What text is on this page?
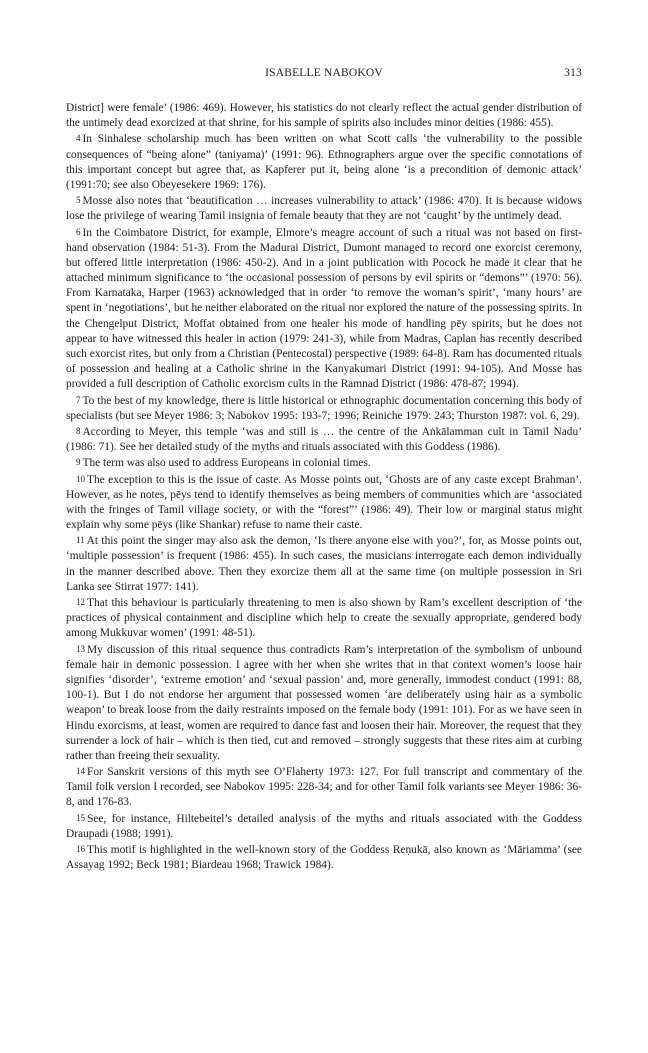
ISABELLE NABOKOV	313

District] were female’ (1986: 469). However, his statistics do not clearly reflect the actual gender distribution of the untimely dead exorcized at that shrine, for his sample of spirits also includes minor deities (1986: 455).

4 In Sinhalese scholarship much has been written on what Scott calls ‘the vulnerability to the possible consequences of “being alone” (taniyama)’ (1991: 96). Ethnographers argue over the specific connotations of this important concept but agree that, as Kapferer put it, being alone ‘is a precondition of demonic attack’ (1991:70; see also Obeyesekere 1969: 176).

5 Mosse also notes that ‘beautification … increases vulnerability to attack’ (1986: 470). It is because widows lose the privilege of wearing Tamil insignia of female beauty that they are not ‘caught’ by the untimely dead.

6 In the Coimbatore District, for example, Elmore’s meagre account of such a ritual was not based on first-hand observation (1984: 51-3). From the Madurai District, Dumont managed to record one exorcist ceremony, but offered little interpretation (1986: 450-2). And in a joint publication with Pocock he made it clear that he attached minimum significance to ‘the occasional possession of persons by evil spirits or “demons”’ (1970: 56). From Karnataka, Harper (1963) acknowledged that in order ‘to remove the woman’s spirit’, ‘many hours’ are spent in ‘negotiations’, but he neither elaborated on the ritual nor explored the nature of the possessing spirits. In the Chengelput District, Moffat obtained from one healer his mode of handling pēy spirits, but he does not appear to have witnessed this healer in action (1979: 241-3), while from Madras, Caplan has recently described such exorcist rites, but only from a Christian (Pentecostal) perspective (1989: 64-8). Ram has documented rituals of possession and healing at a Catholic shrine in the Kanyakumari District (1991: 94-105). And Mosse has provided a full description of Catholic exorcism cults in the Ramnad District (1986: 478-87; 1994).

7 To the best of my knowledge, there is little historical or ethnographic documentation concerning this body of specialists (but see Meyer 1986: 3; Nabokov 1995: 193-7; 1996; Reiniche 1979: 243; Thurston 1987: vol. 6, 29).

8 According to Meyer, this temple ‘was and still is … the centre of the Aṅkālamman cult in Tamil Nadu’ (1986: 71). See her detailed study of the myths and rituals associated with this Goddess (1986).

9 The term was also used to address Europeans in colonial times.

10 The exception to this is the issue of caste. As Mosse points out, ‘Ghosts are of any caste except Brahman’. However, as he notes, pēys tend to identify themselves as being members of communities which are ‘associated with the fringes of Tamil village society, or with the “forest”’ (1986: 49). Their low or marginal status might explain why some pēys (like Shankar) refuse to name their caste.

11 At this point the singer may also ask the demon, ‘Is there anyone else with you?’, for, as Mosse points out, ‘multiple possession’ is frequent (1986: 455). In such cases, the musicians interrogate each demon individually in the manner described above. Then they exorcize them all at the same time (on multiple possession in Sri Lanka see Stirrat 1977: 141).

12 That this behaviour is particularly threatening to men is also shown by Ram’s excellent description of ‘the practices of physical containment and discipline which help to create the sexually appropriate, gendered body among Mukkuvar women’ (1991: 48-51).

13 My discussion of this ritual sequence thus contradicts Ram’s interpretation of the symbolism of unbound female hair in demonic possession. I agree with her when she writes that in that context women’s loose hair signifies ‘disorder’, ‘extreme emotion’ and ‘sexual passion’ and, more generally, immodest conduct (1991: 88, 100-1). But I do not endorse her argument that possessed women ‘are deliberately using hair as a symbolic weapon’ to break loose from the daily restraints imposed on the female body (1991: 101). For as we have seen in Hindu exorcisms, at least, women are required to dance fast and loosen their hair. Moreover, the request that they surrender a lock of hair – which is then tied, cut and removed – strongly suggests that these rites aim at curbing rather than freeing their sexuality.

14 For Sanskrit versions of this myth see O’Flaherty 1973: 127. For full transcript and commentary of the Tamil folk version I recorded, see Nabokov 1995: 228-34; and for other Tamil folk variants see Meyer 1986: 36-8, and 176-83.

15 See, for instance, Hiltebeitel’s detailed analysis of the myths and rituals associated with the Goddess Draupadi (1988; 1991).

16 This motif is highlighted in the well-known story of the Goddess Reṇukā, also known as ‘Māriamma’ (see Assayag 1992; Beck 1981; Biardeau 1968; Trawick 1984).
